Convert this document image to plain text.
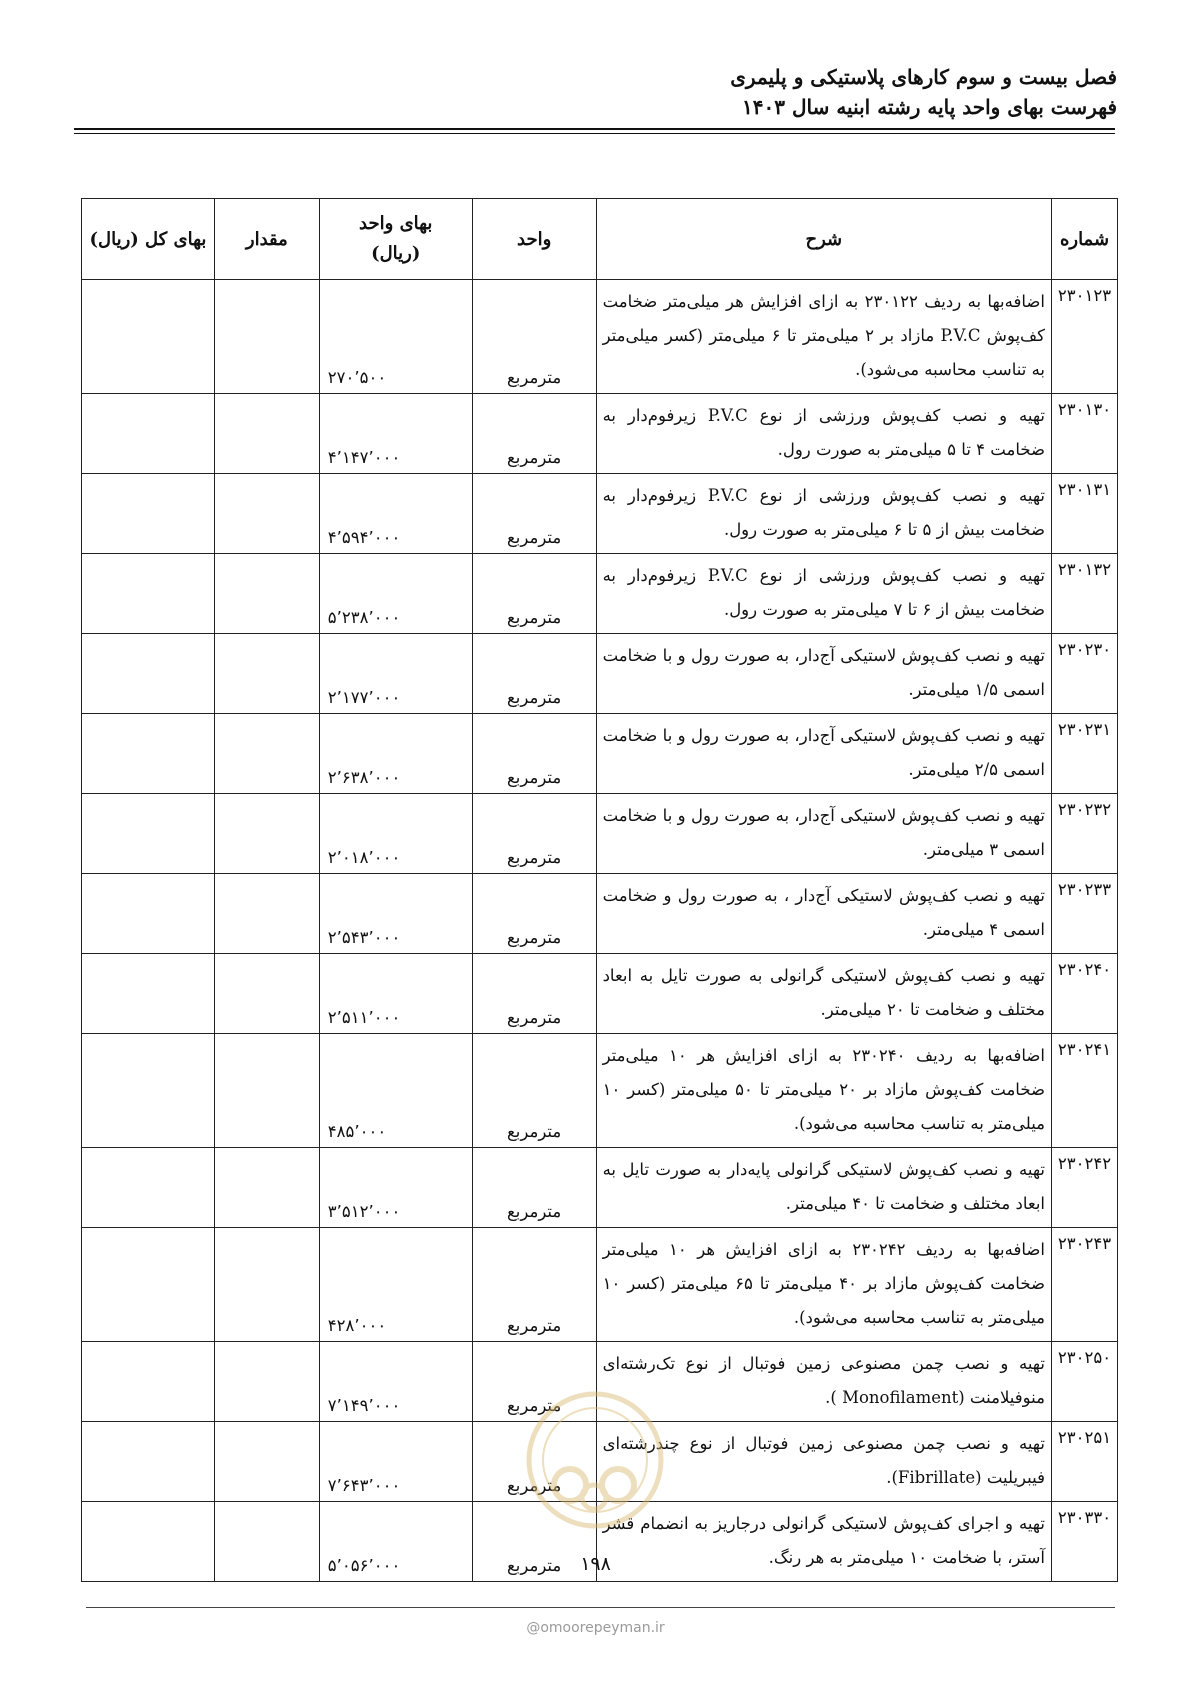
فصل بیست و سوم کارهای پلاستیکی و پلیمری
فهرست بهای واحد پایه رشته ابنیه سال ۱۴۰۳
شماره	شرح	واحد	بهای واحد (ریال)	مقدار	بهای کل (ریال)
۲۳۰۱۲۳	اضافه‌بها به ردیف ۲۳۰۱۲۲ به ازای افزایش هر میلی‌متر ضخامت کف‌پوش P.V.C مازاد بر ۲ میلی‌متر تا ۶ میلی‌متر (کسر میلی‌متر به تناسب محاسبه می‌شود).	مترمربع	۲۷۰٬۵۰۰		
۲۳۰۱۳۰	تهیه و نصب کف‌پوش ورزشی از نوع P.V.C زیرفوم‌دار به ضخامت ۴ تا ۵ میلی‌متر به صورت رول.	مترمربع	۴٬۱۴۷٬۰۰۰		
۲۳۰۱۳۱	تهیه و نصب کف‌پوش ورزشی از نوع P.V.C زیرفوم‌دار به ضخامت بیش از ۵ تا ۶ میلی‌متر به صورت رول.	مترمربع	۴٬۵۹۴٬۰۰۰		
۲۳۰۱۳۲	تهیه و نصب کف‌پوش ورزشی از نوع P.V.C زیرفوم‌دار به ضخامت بیش از ۶ تا ۷ میلی‌متر به صورت رول.	مترمربع	۵٬۲۳۸٬۰۰۰		
۲۳۰۲۳۰	تهیه و نصب کف‌پوش لاستیکی آج‌دار، به صورت رول و با ضخامت اسمی ۱/۵ میلی‌متر.	مترمربع	۲٬۱۷۷٬۰۰۰		
۲۳۰۲۳۱	تهیه و نصب کف‌پوش لاستیکی آج‌دار، به صورت رول و با ضخامت اسمی ۲/۵ میلی‌متر.	مترمربع	۲٬۶۳۸٬۰۰۰		
۲۳۰۲۳۲	تهیه و نصب کف‌پوش لاستیکی آج‌دار، به صورت رول و با ضخامت اسمی ۳ میلی‌متر.	مترمربع	۲٬۰۱۸٬۰۰۰		
۲۳۰۲۳۳	تهیه و نصب کف‌پوش لاستیکی آج‌دار ، به صورت رول و ضخامت اسمی ۴ میلی‌متر.	مترمربع	۲٬۵۴۳٬۰۰۰		
۲۳۰۲۴۰	تهیه و نصب کف‌پوش لاستیکی گرانولی به صورت تایل به ابعاد مختلف و ضخامت تا ۲۰ میلی‌متر.	مترمربع	۲٬۵۱۱٬۰۰۰		
۲۳۰۲۴۱	اضافه‌بها به ردیف ۲۳۰۲۴۰ به ازای افزایش هر ۱۰ میلی‌متر ضخامت کف‌پوش مازاد بر ۲۰ میلی‌متر تا ۵۰ میلی‌متر (کسر ۱۰ میلی‌متر به تناسب محاسبه می‌شود).	مترمربع	۴۸۵٬۰۰۰		
۲۳۰۲۴۲	تهیه و نصب کف‌پوش لاستیکی گرانولی پایه‌دار به صورت تایل به ابعاد مختلف و ضخامت تا ۴۰ میلی‌متر.	مترمربع	۳٬۵۱۲٬۰۰۰		
۲۳۰۲۴۳	اضافه‌بها به ردیف ۲۳۰۲۴۲ به ازای افزایش هر ۱۰ میلی‌متر ضخامت کف‌پوش مازاد بر ۴۰ میلی‌متر تا ۶۵ میلی‌متر (کسر ۱۰ میلی‌متر به تناسب محاسبه می‌شود).	مترمربع	۴۲۸٬۰۰۰		
۲۳۰۲۵۰	تهیه و نصب چمن مصنوعی زمین فوتبال از نوع تک‌رشته‌ای منوفیلامنت (Monofilament ).	مترمربع	۷٬۱۴۹٬۰۰۰		
۲۳۰۲۵۱	تهیه و نصب چمن مصنوعی زمین فوتبال از نوع چندرشته‌ای فیبریلیت (Fibrillate).	مترمربع	۷٬۶۴۳٬۰۰۰		
۲۳۰۳۳۰	تهیه و اجرای کف‌پوش لاستیکی گرانولی درجاریز به انضمام قشر آستر، با ضخامت ۱۰ میلی‌متر به هر رنگ.	مترمربع	۵٬۰۵۶٬۰۰۰			۱۹۸
@omoorepeyman.ir
